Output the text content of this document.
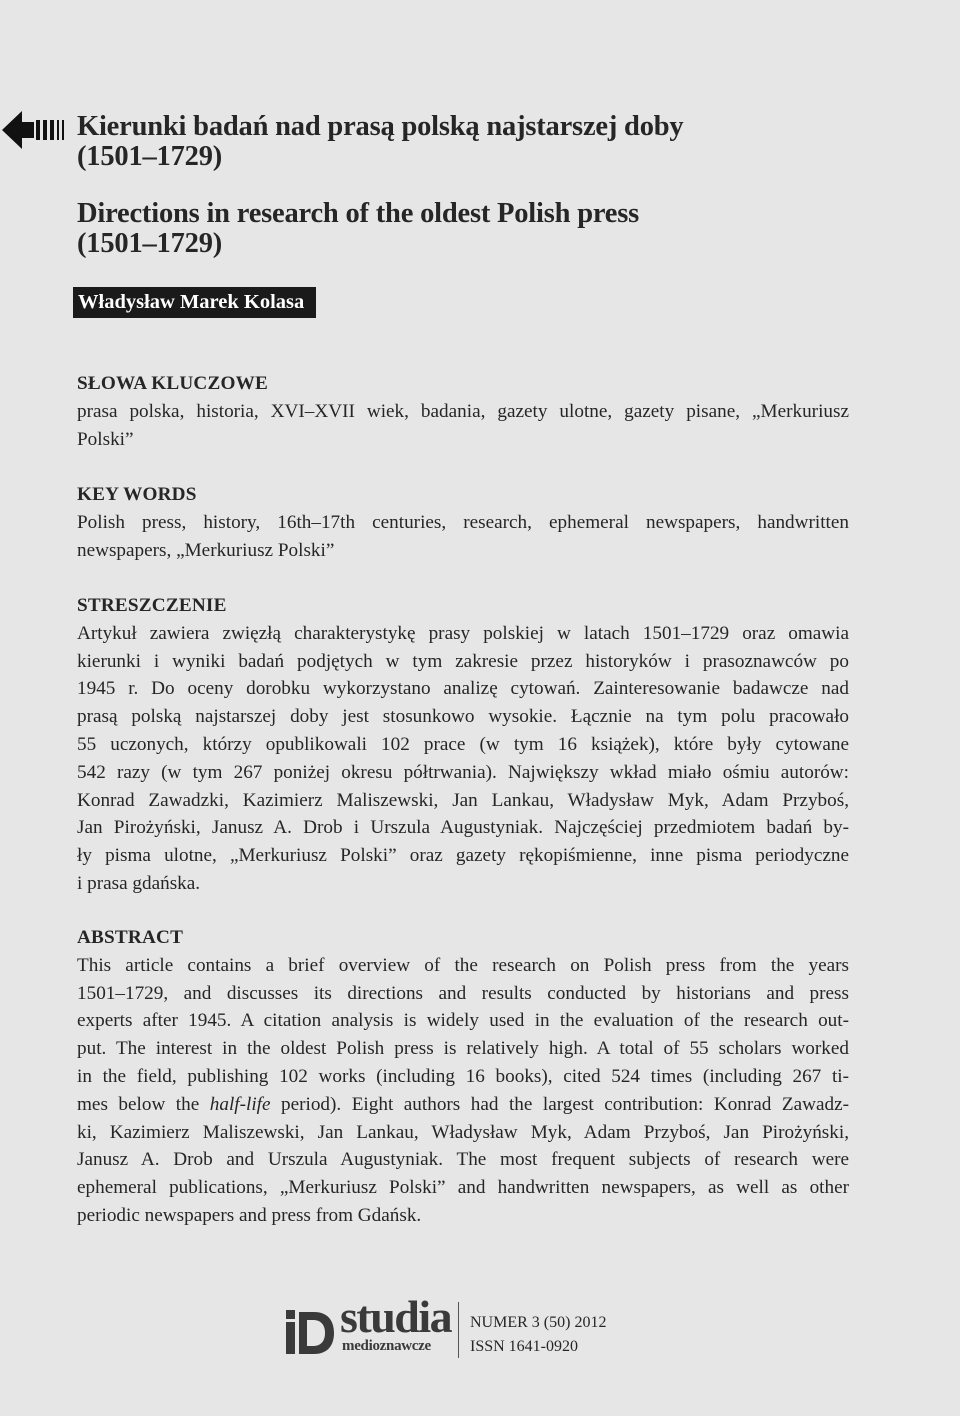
Kierunki badań nad prasą polską najstarszej doby
(1501–1729)
Directions in research of the oldest Polish press
(1501–1729)
Władysław Marek Kolasa

SŁOWA KLUCZOWE

prasa polska, historia, XVI–XVII wiek, badania, gazety ulotne, gazety pisane, „Merkuriusz
Polski”

KEY WORDS

Polish press, history, 16th–17th centuries, research, ephemeral newspapers, handwritten
newspapers, „Merkuriusz Polski”

STRESZCZENIE

Artykuł zawiera zwięzłą charakterystykę prasy polskiej w latach 1501–1729 oraz omawia
kierunki i wyniki badań podjętych w tym zakresie przez historyków i prasoznawców po
1945 r. Do oceny dorobku wykorzystano analizę cytowań. Zainteresowanie badawcze nad
prasą polską najstarszej doby jest stosunkowo wysokie. Łącznie na tym polu pracowało
55 uczonych, którzy opublikowali 102 prace (w tym 16 książek), które były cytowane
542 razy (w tym 267 poniżej okresu półtrwania). Największy wkład miało ośmiu autorów:
Konrad Zawadzki, Kazimierz Maliszewski, Jan Lankau, Władysław Myk, Adam Przyboś,
Jan Pirożyński, Janusz A. Drob i Urszula Augustyniak. Najczęściej przedmiotem badań by-
ły pisma ulotne, „Merkuriusz Polski” oraz gazety rękopiśmienne, inne pisma periodyczne
i prasa gdańska.

ABSTRACT

This article contains a brief overview of the research on Polish press from the years
1501–1729, and discusses its directions and results conducted by historians and press
experts after 1945. A citation analysis is widely used in the evaluation of the research out-
put. The interest in the oldest Polish press is relatively high. A total of 55 scholars worked
in the field, publishing 102 works (including 16 books), cited 524 times (including 267 ti-
mes below the half-life period). Eight authors had the largest contribution: Konrad Zawadz-
ki, Kazimierz Maliszewski, Jan Lankau, Władysław Myk, Adam Przyboś, Jan Pirożyński,
Janusz A. Drob and Urszula Augustyniak. The most frequent subjects of research were
ephemeral publications, „Merkuriusz Polski” and handwritten newspapers, as well as other
periodic newspapers and press from Gdańsk.

studia
medioznawcze
NUMER 3 (50) 2012
ISSN 1641-0920
